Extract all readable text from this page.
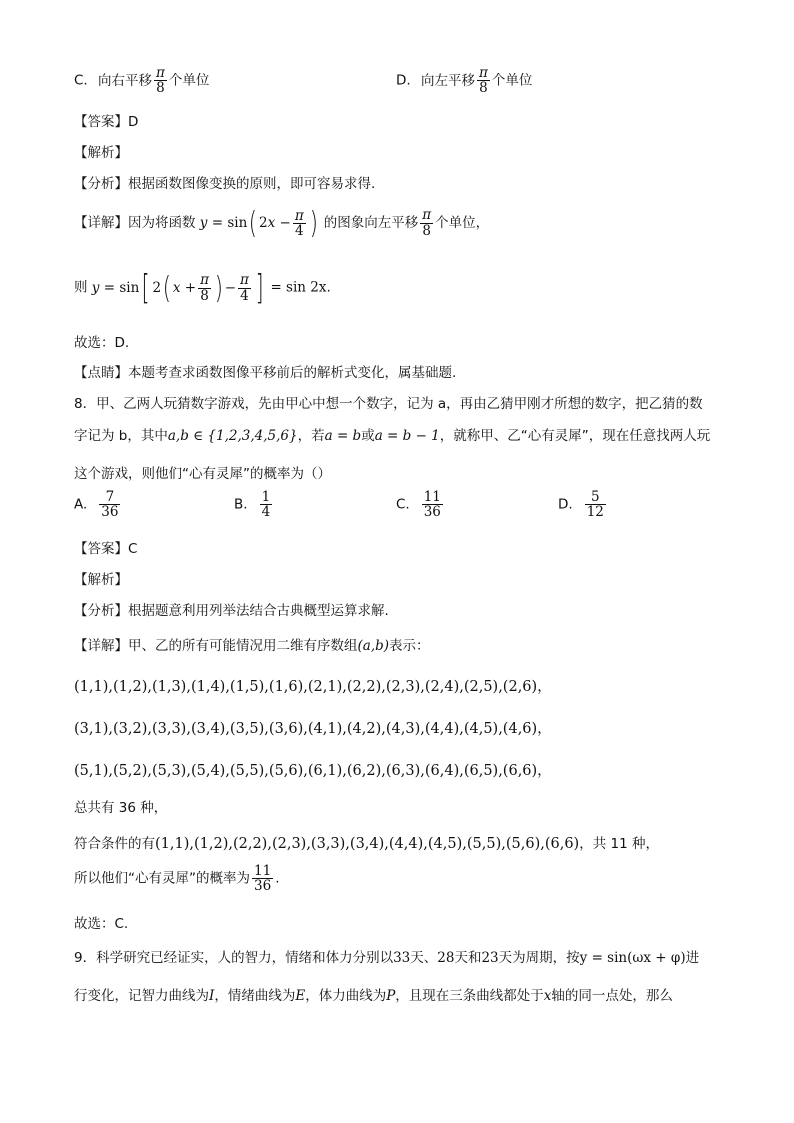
C. 向右平移 $\frac{\pi}{8}$ 个单位	D. 向左平移 $\frac{\pi}{8}$ 个单位
【答案】D
【解析】
【分析】根据函数图像变换的原则，即可容易求得.
【详解】因为将函数 y = sin( $2x - \frac{\pi}{4}$ ) 的图象向左平移 $\frac{\pi}{8}$ 个单位，
则 y = sin[ 2( $x + \frac{\pi}{8}$ ) − $\frac{\pi}{4}$ ] = sin 2x.
故选：D.
【点睛】本题考查求函数图像平移前后的解析式变化，属基础题.
8．甲、乙两人玩猜数字游戏，先由甲心中想一个数字，记为 a，再由乙猜甲刚才所想的数字，把乙猜的数
字记为 b，其中a,b ∈ {1,2,3,4,5,6}，若a = b或a = b − 1，就称甲、乙“心有灵犀”，现在任意找两人玩
这个游戏，则他们“心有灵犀”的概率为（）
A. $\frac{7}{36}$	B. $\frac{1}{4}$	C. $\frac{11}{36}$	D. $\frac{5}{12}$
【答案】C
【解析】
【分析】根据题意利用列举法结合古典概型运算求解.
【详解】甲、乙的所有可能情况用二维有序数组(a,b)表示：
(1,1),(1,2),(1,3),(1,4),(1,5),(1,6),(2,1),(2,2),(2,3),(2,4),(2,5),(2,6)，
(3,1),(3,2),(3,3),(3,4),(3,5),(3,6),(4,1),(4,2),(4,3),(4,4),(4,5),(4,6)，
(5,1),(5,2),(5,3),(5,4),(5,5),(5,6),(6,1),(6,2),(6,3),(6,4),(6,5),(6,6)，
总共有 36 种，
符合条件的有(1,1),(1,2),(2,2),(2,3),(3,3),(3,4),(4,4),(4,5),(5,5),(5,6),(6,6)，共 11 种，
所以他们“心有灵犀”的概率为 $\frac{11}{36}$ .
故选：C.
9．科学研究已经证实，人的智力，情绪和体力分别以33天、28天和23天为周期，按y = sin(ωx + φ)进
行变化，记智力曲线为I，情绪曲线为E，体力曲线为P，且现在三条曲线都处于x轴的同一点处，那么
